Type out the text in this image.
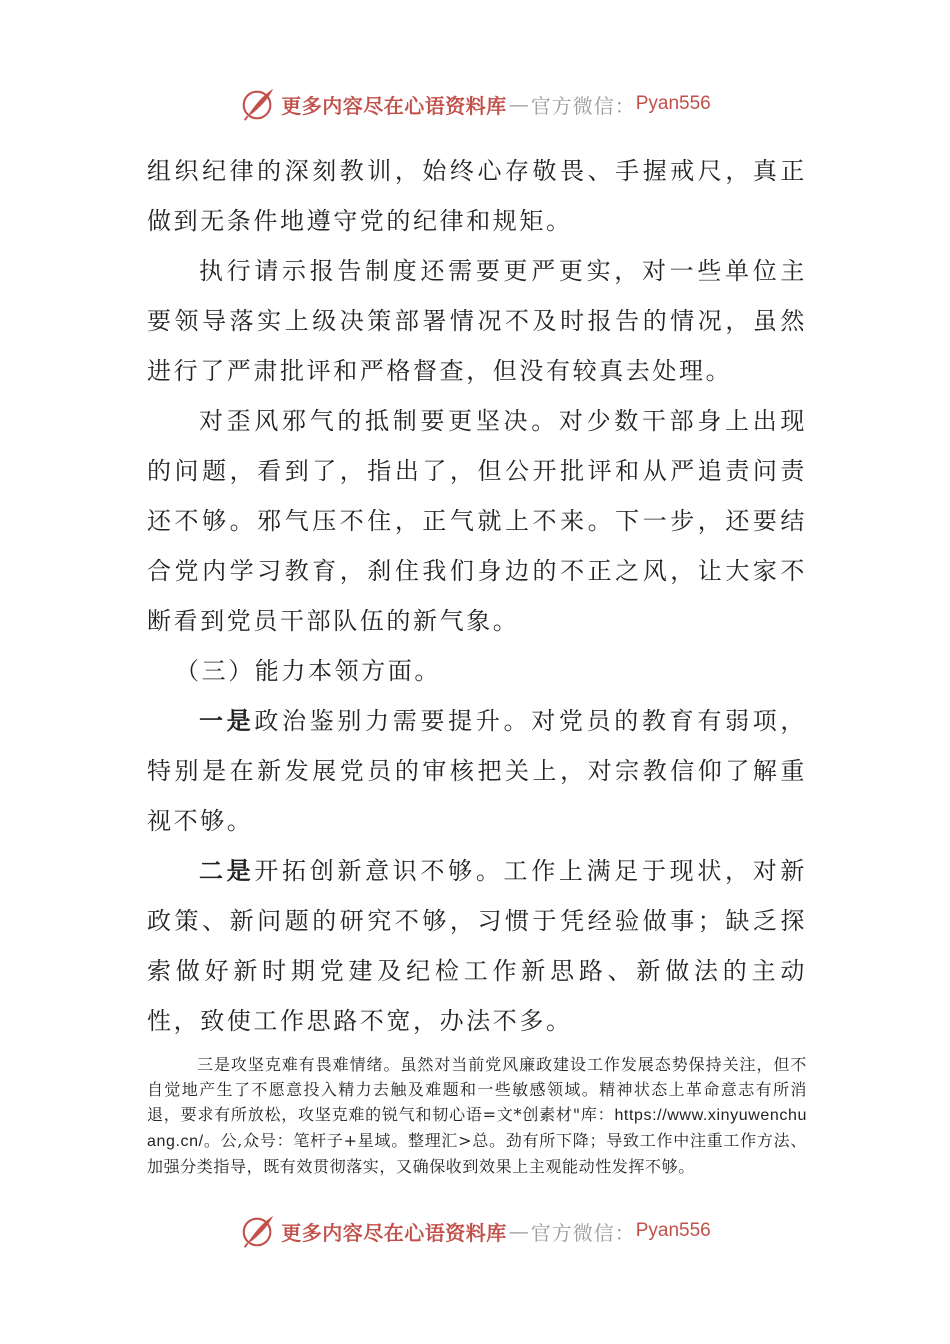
更多内容尽在心语资料库 — 官方微信： Pyan556

组织纪律的深刻教训，始终心存敬畏、手握戒尺，真正做到无条件地遵守党的纪律和规矩。

执行请示报告制度还需要更严更实，对一些单位主要领导落实上级决策部署情况不及时报告的情况，虽然进行了严肃批评和严格督查，但没有较真去处理。

对歪风邪气的抵制要更坚决。对少数干部身上出现的问题，看到了，指出了，但公开批评和从严追责问责还不够。邪气压不住，正气就上不来。下一步，还要结合党内学习教育，刹住我们身边的不正之风，让大家不断看到党员干部队伍的新气象。

（三）能力本领方面。

一是政治鉴别力需要提升。对党员的教育有弱项，特别是在新发展党员的审核把关上，对宗教信仰了解重视不够。

二是开拓创新意识不够。工作上满足于现状，对新政策、新问题的研究不够，习惯于凭经验做事；缺乏探索做好新时期党建及纪检工作新思路、新做法的主动性，致使工作思路不宽，办法不多。

三是攻坚克难有畏难情绪。虽然对当前党风廉政建设工作发展态势保持关注，但不自觉地产生了不愿意投入精力去触及难题和一些敏感领域。精神状态上革命意志有所消退，要求有所放松，攻坚克难的锐气和韧心语=文*创素材"库：https://www.xinyuwenchuang.cn/。公,众号：笔杆子+星域。整理汇>总。劲有所下降；导致工作中注重工作方法、加强分类指导，既有效贯彻落实，又确保收到效果上主观能动性发挥不够。

更多内容尽在心语资料库 — 官方微信： Pyan556
